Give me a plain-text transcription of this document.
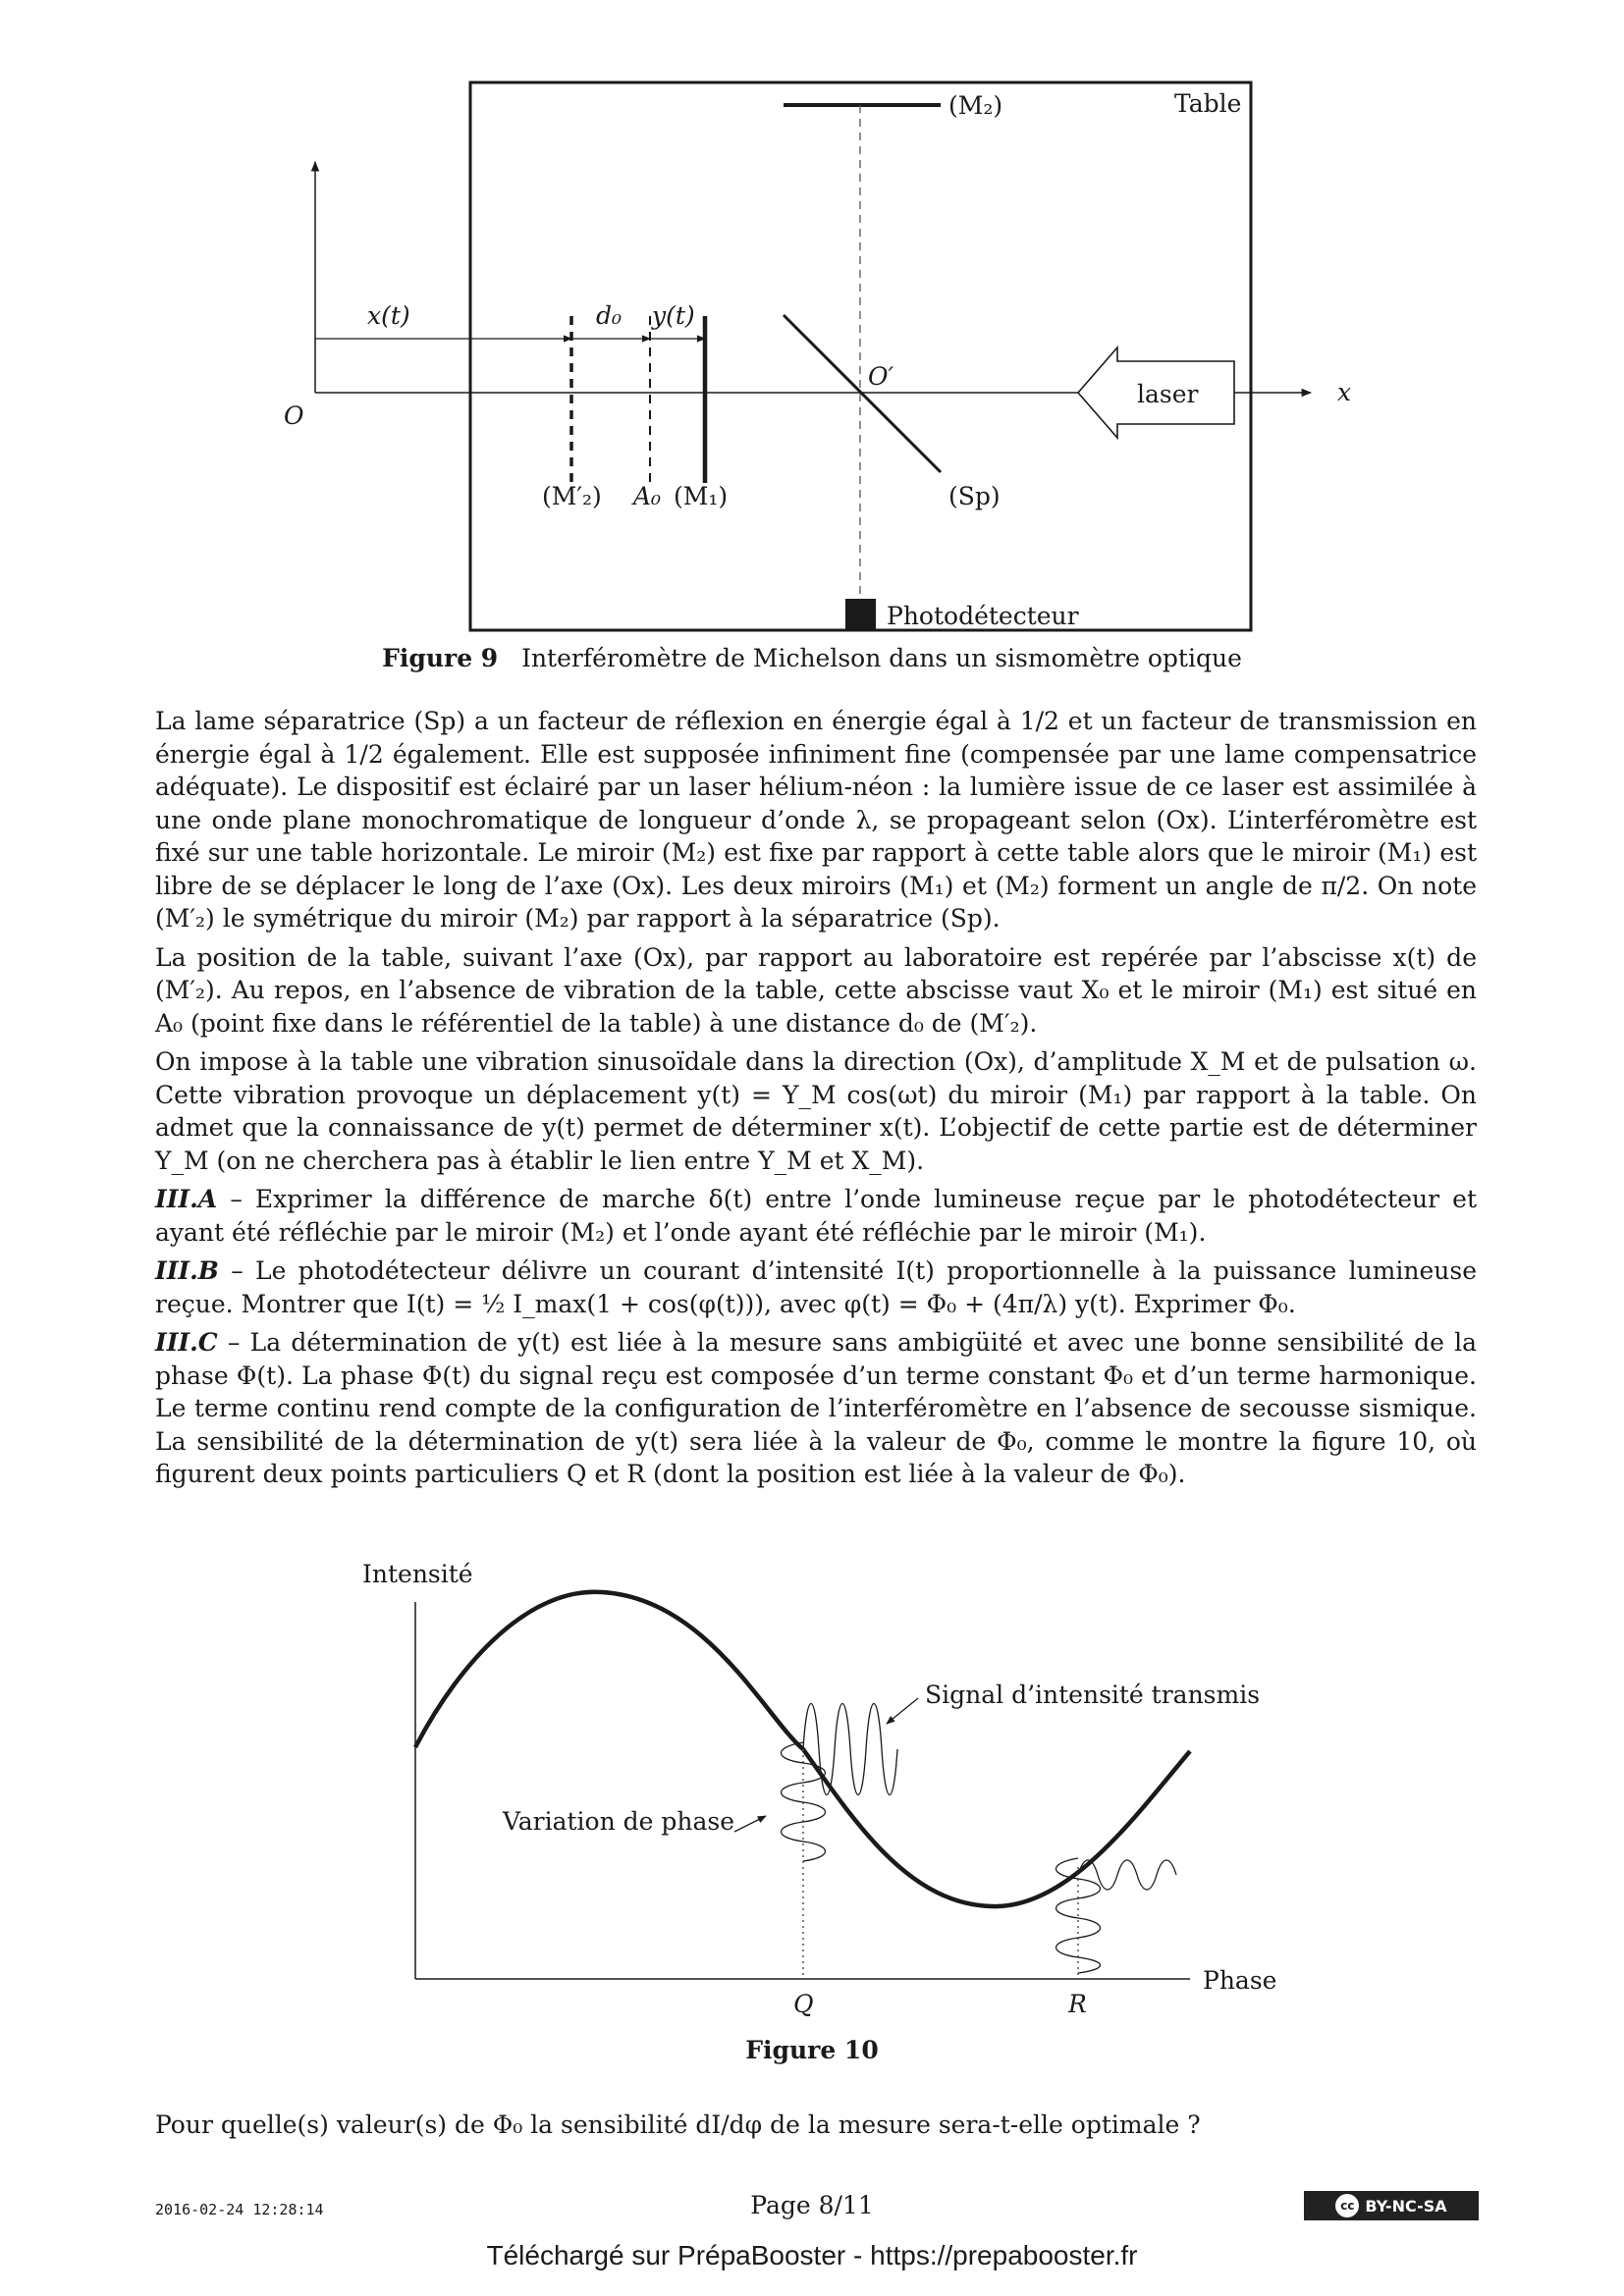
(M₂)	Table
x(t)	d₀ y(t)
O′
laser	x
O
(M′₂) A₀ (M₁)	(Sp)
Photodétecteur
Figure 9 Interféromètre de Michelson dans un sismomètre optique

La lame séparatrice (Sp) a un facteur de réflexion en énergie égal à 1/2 et un facteur de transmission en énergie égal à 1/2 également. Elle est supposée infiniment fine (compensée par une lame compensatrice adéquate). Le dispositif est éclairé par un laser hélium-néon : la lumière issue de ce laser est assimilée à une onde plane monochromatique de longueur d’onde λ, se propageant selon (Ox). L’interféromètre est fixé sur une table horizontale. Le miroir (M₂) est fixe par rapport à cette table alors que le miroir (M₁) est libre de se déplacer le long de l’axe (Ox). Les deux miroirs (M₁) et (M₂) forment un angle de π/2. On note (M′₂) le symétrique du miroir (M₂) par rapport à la séparatrice (Sp).

La position de la table, suivant l’axe (Ox), par rapport au laboratoire est repérée par l’abscisse x(t) de (M′₂). Au repos, en l’absence de vibration de la table, cette abscisse vaut X₀ et le miroir (M₁) est situé en A₀ (point fixe dans le référentiel de la table) à une distance d₀ de (M′₂).

On impose à la table une vibration sinusoïdale dans la direction (Ox), d’amplitude X_M et de pulsation ω. Cette vibration provoque un déplacement y(t) = Y_M cos(ωt) du miroir (M₁) par rapport à la table. On admet que la connaissance de y(t) permet de déterminer x(t). L’objectif de cette partie est de déterminer Y_M (on ne cherchera pas à établir le lien entre Y_M et X_M).

III.A – Exprimer la différence de marche δ(t) entre l’onde lumineuse reçue par le photodétecteur et ayant été réfléchie par le miroir (M₂) et l’onde ayant été réfléchie par le miroir (M₁).

III.B – Le photodétecteur délivre un courant d’intensité I(t) proportionnelle à la puissance lumineuse reçue. Montrer que I(t) = ½ I_max(1 + cos(φ(t))), avec φ(t) = Φ₀ + (4π/λ) y(t). Exprimer Φ₀.

III.C – La détermination de y(t) est liée à la mesure sans ambigüité et avec une bonne sensibilité de la phase Φ(t). La phase Φ(t) du signal reçu est composée d’un terme constant Φ₀ et d’un terme harmonique. Le terme continu rend compte de la configuration de l’interféromètre en l’absence de secousse sismique. La sensibilité de la détermination de y(t) sera liée à la valeur de Φ₀, comme le montre la figure 10, où figurent deux points particuliers Q et R (dont la position est liée à la valeur de Φ₀).

Intensité
Phase
Signal d’intensité transmis
Variation de phase
Q	R
Figure 10

Pour quelle(s) valeur(s) de Φ₀ la sensibilité dI/dφ de la mesure sera-t-elle optimale ?

2016-02-24 12:28:14	Page 8/11	cc BY-NC-SA
Téléchargé sur PrépaBooster - https://prepabooster.fr
